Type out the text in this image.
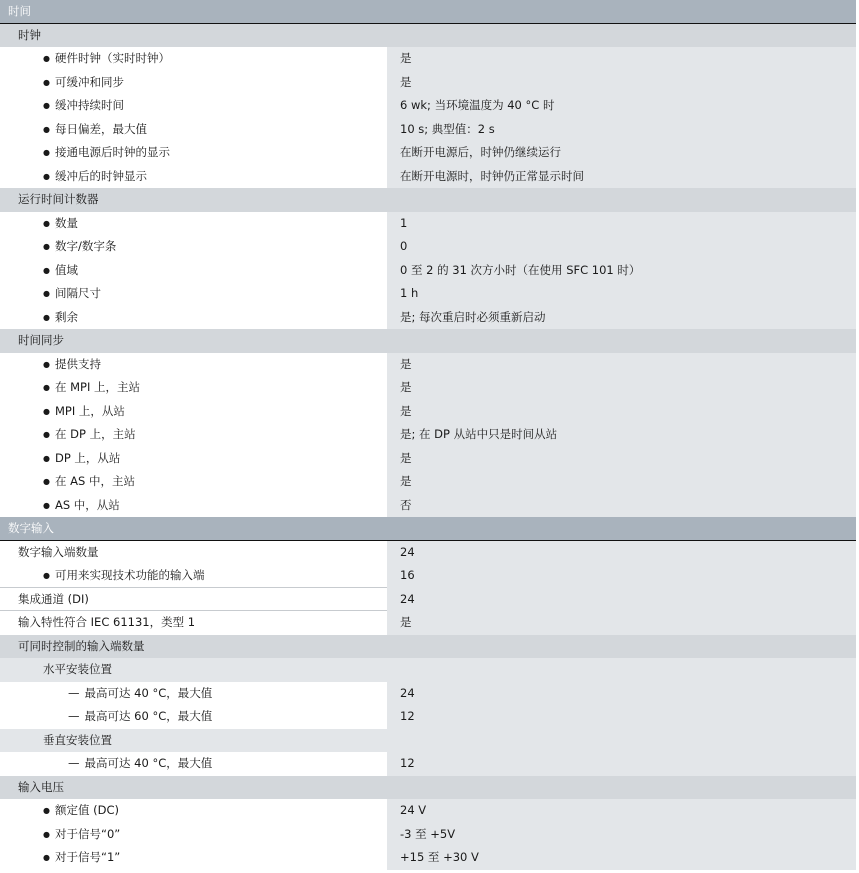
时间
时钟
● 硬件时钟（实时时钟）	是
● 可缓冲和同步	是
● 缓冲持续时间	6 wk; 当环境温度为 40 °C 时
● 每日偏差，最大值	10 s; 典型值：2 s
● 接通电源后时钟的显示	在断开电源后，时钟仍继续运行
● 缓冲后的时钟显示	在断开电源时，时钟仍正常显示时间
运行时间计数器
● 数量	1
● 数字/数字条	0
● 值域	0 至 2 的 31 次方小时（在使用 SFC 101 时）
● 间隔尺寸	1 h
● 剩余	是; 每次重启时必须重新启动
时间同步
● 提供支持	是
● 在 MPI 上，主站	是
● MPI 上，从站	是
● 在 DP 上，主站	是; 在 DP 从站中只是时间从站
● DP 上，从站	是
● 在 AS 中，主站	是
● AS 中，从站	否
数字输入
数字输入端数量	24
● 可用来实现技术功能的输入端	16
集成通道 (DI)	24
输入特性符合 IEC 61131，类型 1	是
可同时控制的输入端数量
水平安装位置
— 最高可达 40 °C，最大值	24
— 最高可达 60 °C，最大值	12
垂直安装位置
— 最高可达 40 °C，最大值	12
输入电压
● 额定值 (DC)	24 V
● 对于信号“0”	-3 至 +5V
● 对于信号“1”	+15 至 +30 V
